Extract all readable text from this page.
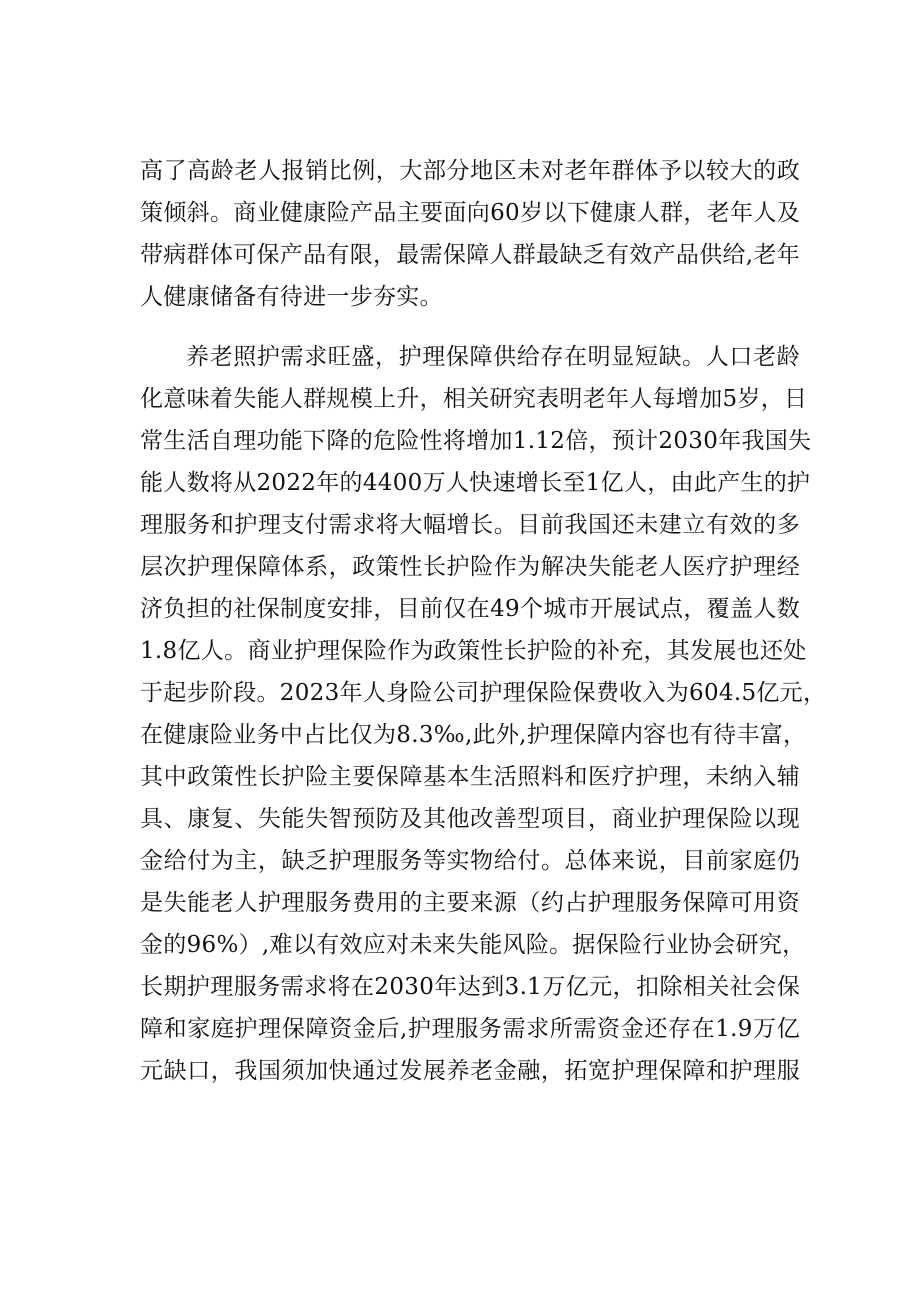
高了高龄老人报销比例，大部分地区未对老年群体予以较大的政
策倾斜。商业健康险产品主要面向60岁以下健康人群，老年人及
带病群体可保产品有限，最需保障人群最缺乏有效产品供给,老年
人健康储备有待进一步夯实。
养老照护需求旺盛，护理保障供给存在明显短缺。人口老龄
化意味着失能人群规模上升，相关研究表明老年人每增加5岁，日
常生活自理功能下降的危险性将增加1.12倍，预计2030年我国失
能人数将从2022年的4400万人快速增长至1亿人，由此产生的护
理服务和护理支付需求将大幅增长。目前我国还未建立有效的多
层次护理保障体系，政策性长护险作为解决失能老人医疗护理经
济负担的社保制度安排，目前仅在49个城市开展试点，覆盖人数
1.8亿人。商业护理保险作为政策性长护险的补充，其发展也还处
于起步阶段。2023年人身险公司护理保险保费收入为604.5亿元，
在健康险业务中占比仅为8.3‰,此外,护理保障内容也有待丰富，
其中政策性长护险主要保障基本生活照料和医疗护理，未纳入辅
具、康复、失能失智预防及其他改善型项目，商业护理保险以现
金给付为主，缺乏护理服务等实物给付。总体来说，目前家庭仍
是失能老人护理服务费用的主要来源（约占护理服务保障可用资
金的96%）,难以有效应对未来失能风险。据保险行业协会研究，
长期护理服务需求将在2030年达到3.1万亿元，扣除相关社会保
障和家庭护理保障资金后,护理服务需求所需资金还存在1.9万亿
元缺口，我国须加快通过发展养老金融，拓宽护理保障和护理服
